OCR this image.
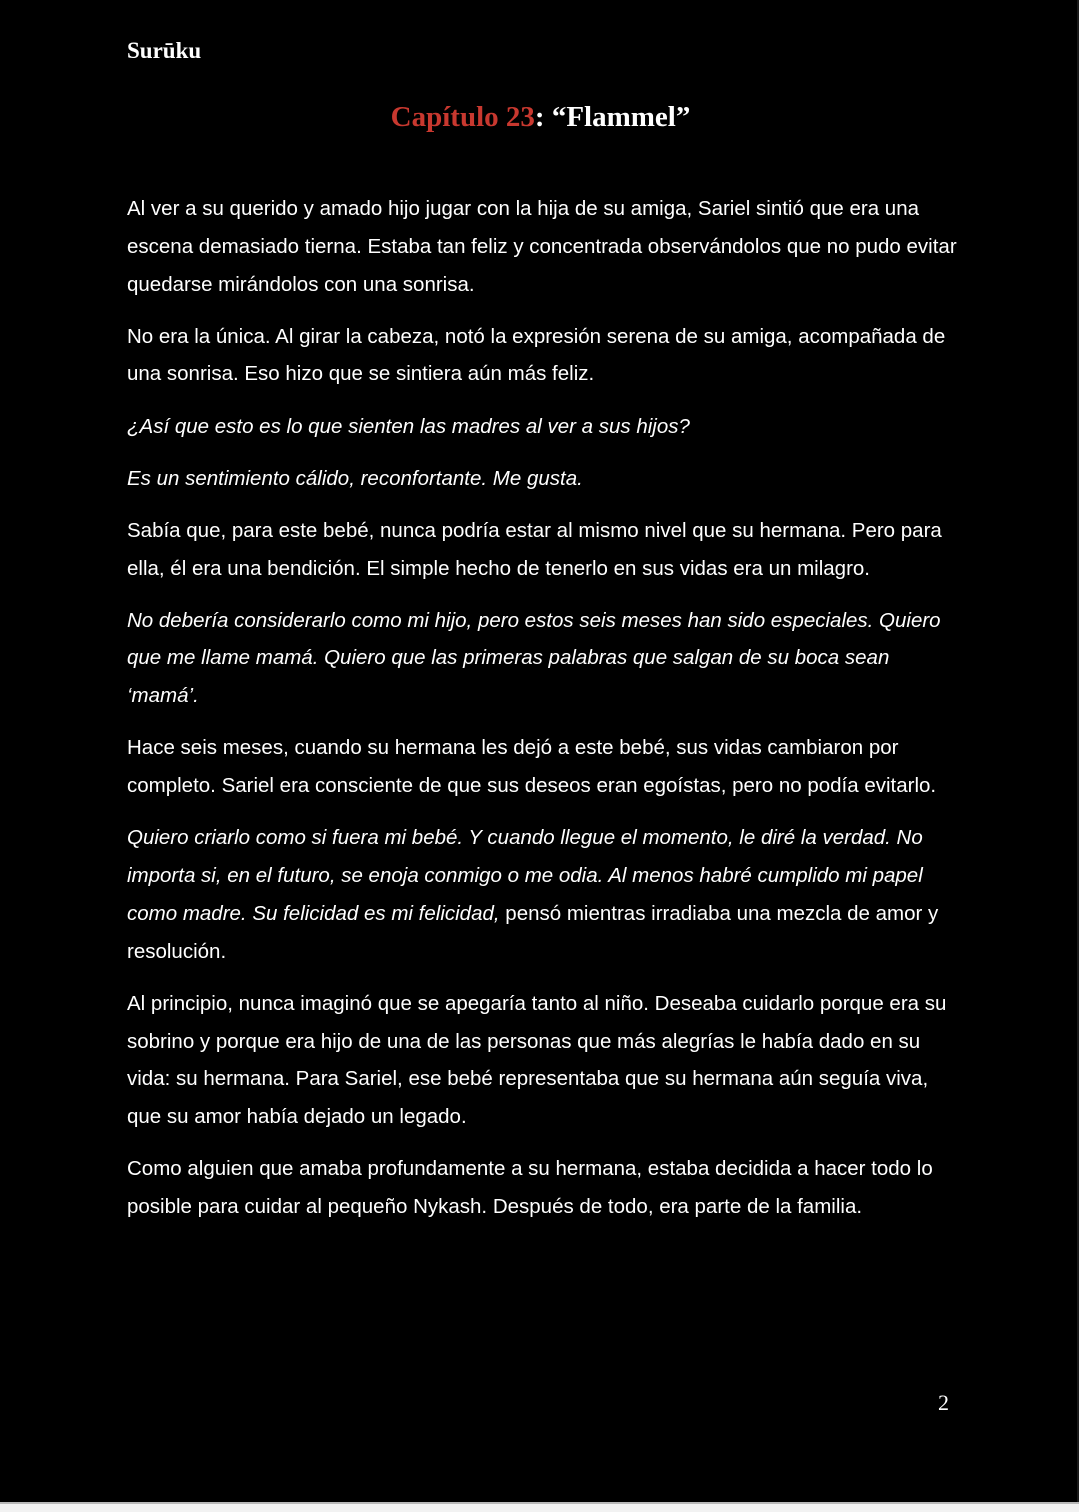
Surūku
Capítulo 23: “Flammel”

Al ver a su querido y amado hijo jugar con la hija de su amiga, Sariel sintió que era una escena demasiado tierna. Estaba tan feliz y concentrada observándolos que no pudo evitar quedarse mirándolos con una sonrisa.

No era la única. Al girar la cabeza, notó la expresión serena de su amiga, acompañada de una sonrisa. Eso hizo que se sintiera aún más feliz.

¿Así que esto es lo que sienten las madres al ver a sus hijos?

Es un sentimiento cálido, reconfortante. Me gusta.

Sabía que, para este bebé, nunca podría estar al mismo nivel que su hermana. Pero para ella, él era una bendición. El simple hecho de tenerlo en sus vidas era un milagro.

No debería considerarlo como mi hijo, pero estos seis meses han sido especiales. Quiero que me llame mamá. Quiero que las primeras palabras que salgan de su boca sean ‘mamá’.

Hace seis meses, cuando su hermana les dejó a este bebé, sus vidas cambiaron por completo. Sariel era consciente de que sus deseos eran egoístas, pero no podía evitarlo.

Quiero criarlo como si fuera mi bebé. Y cuando llegue el momento, le diré la verdad. No importa si, en el futuro, se enoja conmigo o me odia. Al menos habré cumplido mi papel como madre. Su felicidad es mi felicidad, pensó mientras irradiaba una mezcla de amor y resolución.

Al principio, nunca imaginó que se apegaría tanto al niño. Deseaba cuidarlo porque era su sobrino y porque era hijo de una de las personas que más alegrías le había dado en su vida: su hermana. Para Sariel, ese bebé representaba que su hermana aún seguía viva, que su amor había dejado un legado.

Como alguien que amaba profundamente a su hermana, estaba decidida a hacer todo lo posible para cuidar al pequeño Nykash. Después de todo, era parte de la familia.

2
